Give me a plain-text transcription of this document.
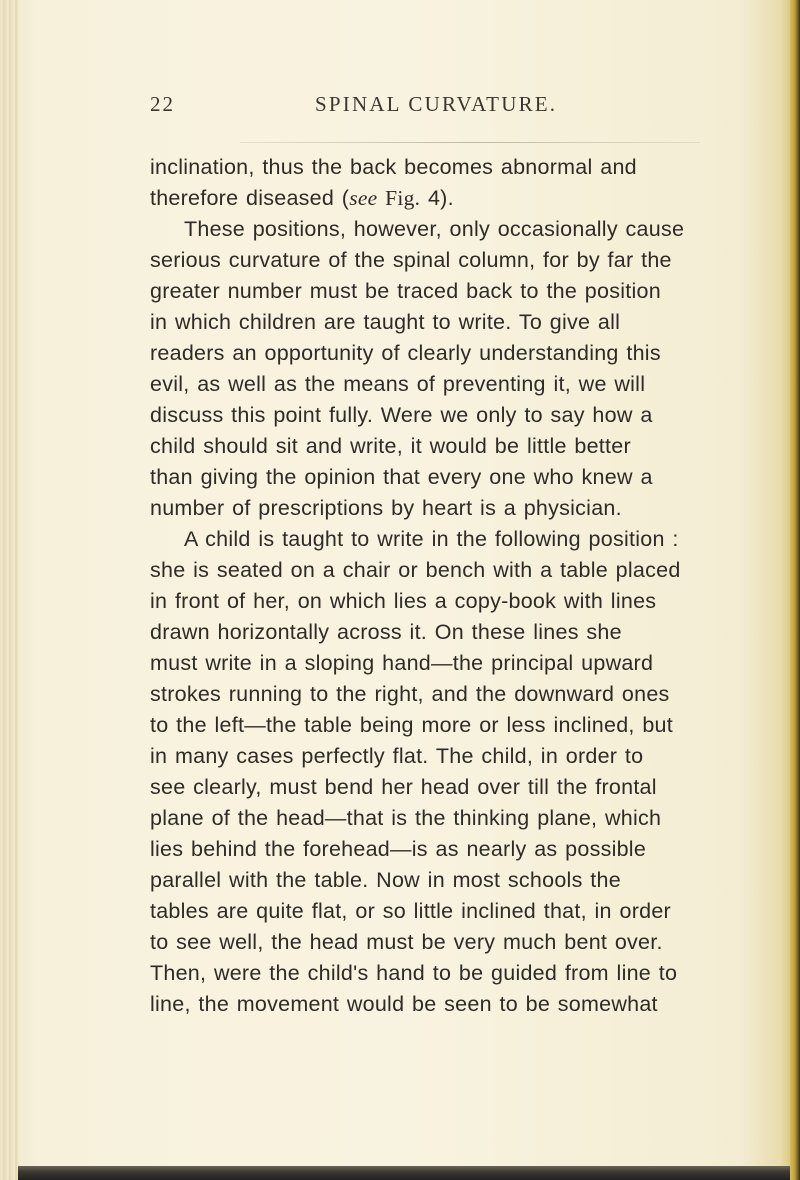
22	SPINAL CURVATURE.
inclination, thus the back becomes abnormal and
therefore diseased (see Fig. 4).
These positions, however, only occasionally cause
serious curvature of the spinal column, for by far the
greater number must be traced back to the position
in which children are taught to write. To give all
readers an opportunity of clearly understanding this
evil, as well as the means of preventing it, we will
discuss this point fully. Were we only to say how a
child should sit and write, it would be little better
than giving the opinion that every one who knew a
number of prescriptions by heart is a physician.
A child is taught to write in the following position :
she is seated on a chair or bench with a table placed
in front of her, on which lies a copy-book with lines
drawn horizontally across it. On these lines she
must write in a sloping hand—the principal upward
strokes running to the right, and the downward ones
to the left—the table being more or less inclined, but
in many cases perfectly flat. The child, in order to
see clearly, must bend her head over till the frontal
plane of the head—that is the thinking plane, which
lies behind the forehead—is as nearly as possible
parallel with the table. Now in most schools the
tables are quite flat, or so little inclined that, in order
to see well, the head must be very much bent over.
Then, were the child's hand to be guided from line to
line, the movement would be seen to be somewhat
